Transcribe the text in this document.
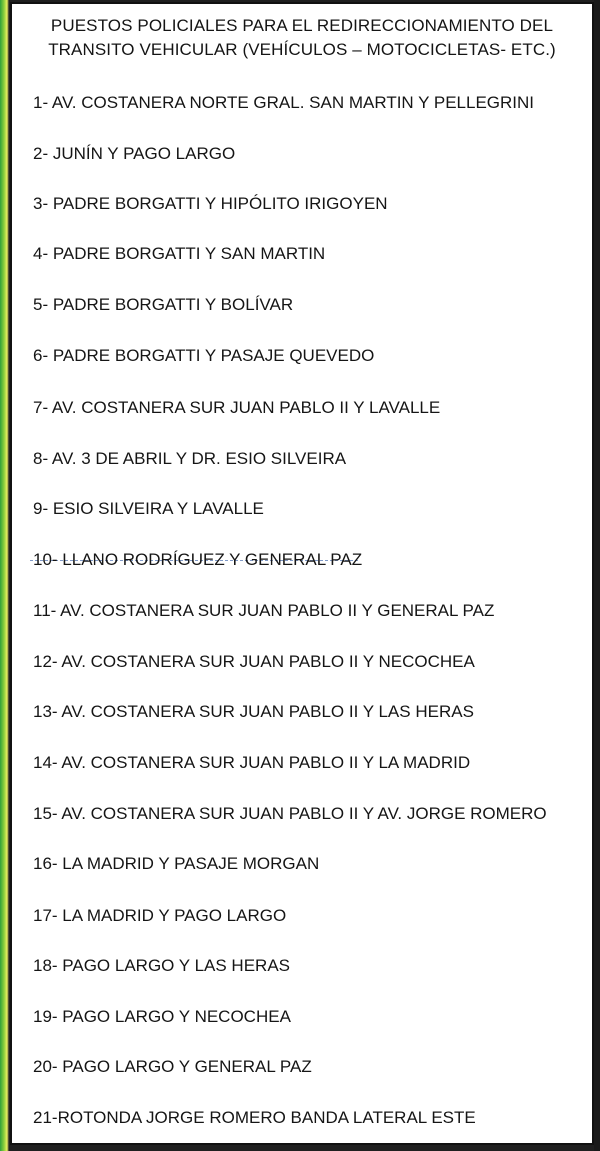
PUESTOS POLICIALES PARA EL REDIRECCIONAMIENTO DEL
TRANSITO VEHICULAR (VEHÍCULOS – MOTOCICLETAS- ETC.)
1- AV. COSTANERA NORTE GRAL. SAN MARTIN Y PELLEGRINI
2- JUNÍN Y PAGO LARGO
3- PADRE BORGATTI Y HIPÓLITO IRIGOYEN
4- PADRE BORGATTI Y SAN MARTIN
5- PADRE BORGATTI Y BOLÍVAR
6- PADRE BORGATTI Y PASAJE QUEVEDO
7- AV. COSTANERA SUR JUAN PABLO II Y LAVALLE
8- AV. 3 DE ABRIL Y DR. ESIO SILVEIRA
9- ESIO SILVEIRA Y LAVALLE
10- LLANO RODRÍGUEZ Y GENERAL PAZ
11- AV. COSTANERA SUR JUAN PABLO II Y GENERAL PAZ
12- AV. COSTANERA SUR JUAN PABLO II Y NECOCHEA
13- AV. COSTANERA SUR JUAN PABLO II Y LAS HERAS
14- AV. COSTANERA SUR JUAN PABLO II Y LA MADRID
15- AV. COSTANERA SUR JUAN PABLO II Y AV. JORGE ROMERO
16- LA MADRID Y PASAJE MORGAN
17- LA MADRID Y PAGO LARGO
18- PAGO LARGO Y LAS HERAS
19- PAGO LARGO Y NECOCHEA
20- PAGO LARGO Y GENERAL PAZ
21-ROTONDA JORGE ROMERO BANDA LATERAL ESTE
